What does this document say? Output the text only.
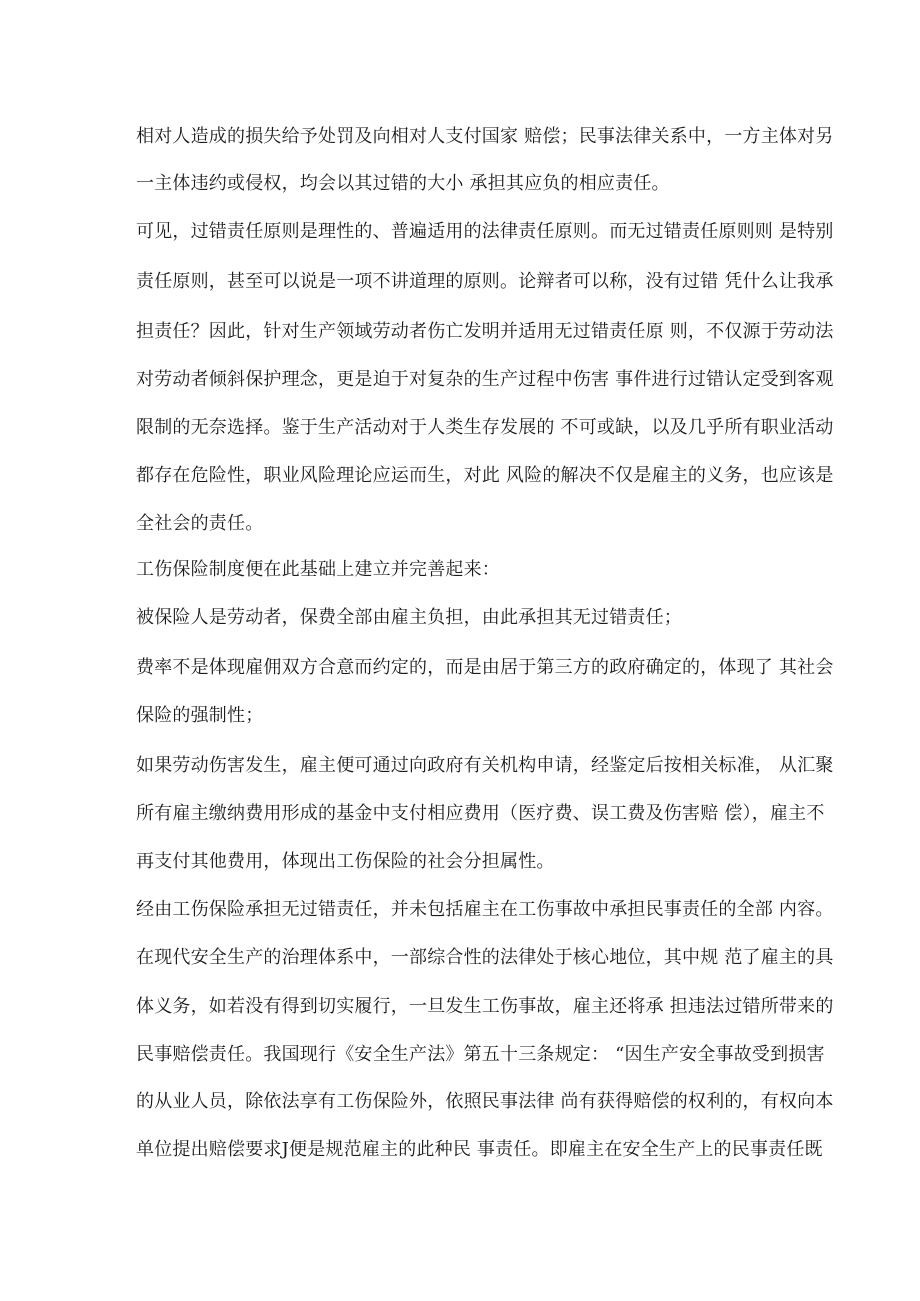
相对人造成的损失给予处罚及向相对人支付国家 赔偿；民事法律关系中，一方主体对另

一主体违约或侵权，均会以其过错的大小 承担其应负的相应责任。

可见，过错责任原则是理性的、普遍适用的法律责任原则。而无过错责任原则则 是特别

责任原则，甚至可以说是一项不讲道理的原则。论辩者可以称，没有过错 凭什么让我承

担责任？因此，针对生产领域劳动者伤亡发明并适用无过错责任原 则，不仅源于劳动法

对劳动者倾斜保护理念，更是迫于对复杂的生产过程中伤害 事件进行过错认定受到客观

限制的无奈选择。鉴于生产活动对于人类生存发展的 不可或缺，以及几乎所有职业活动

都存在危险性，职业风险理论应运而生，对此 风险的解决不仅是雇主的义务，也应该是

全社会的责任。

工伤保险制度便在此基础上建立并完善起来：

被保险人是劳动者，保费全部由雇主负担，由此承担其无过错责任；

费率不是体现雇佣双方合意而约定的，而是由居于第三方的政府确定的，体现了 其社会

保险的强制性；

如果劳动伤害发生，雇主便可通过向政府有关机构申请，经鉴定后按相关标准， 从汇聚

所有雇主缴纳费用形成的基金中支付相应费用（医疗费、误工费及伤害赔 偿），雇主不

再支付其他费用，体现出工伤保险的社会分担属性。

经由工伤保险承担无过错责任，并未包括雇主在工伤事故中承担民事责任的全部 内容。

在现代安全生产的治理体系中，一部综合性的法律处于核心地位，其中规 范了雇主的具

体义务，如若没有得到切实履行，一旦发生工伤事故，雇主还将承 担违法过错所带来的

民事赔偿责任。我国现行《安全生产法》第五十三条规定： “因生产安全事故受到损害

的从业人员，除依法享有工伤保险外，依照民事法律 尚有获得赔偿的权利的，有权向本

单位提出赔偿要求J便是规范雇主的此种民 事责任。即雇主在安全生产上的民事责任既
